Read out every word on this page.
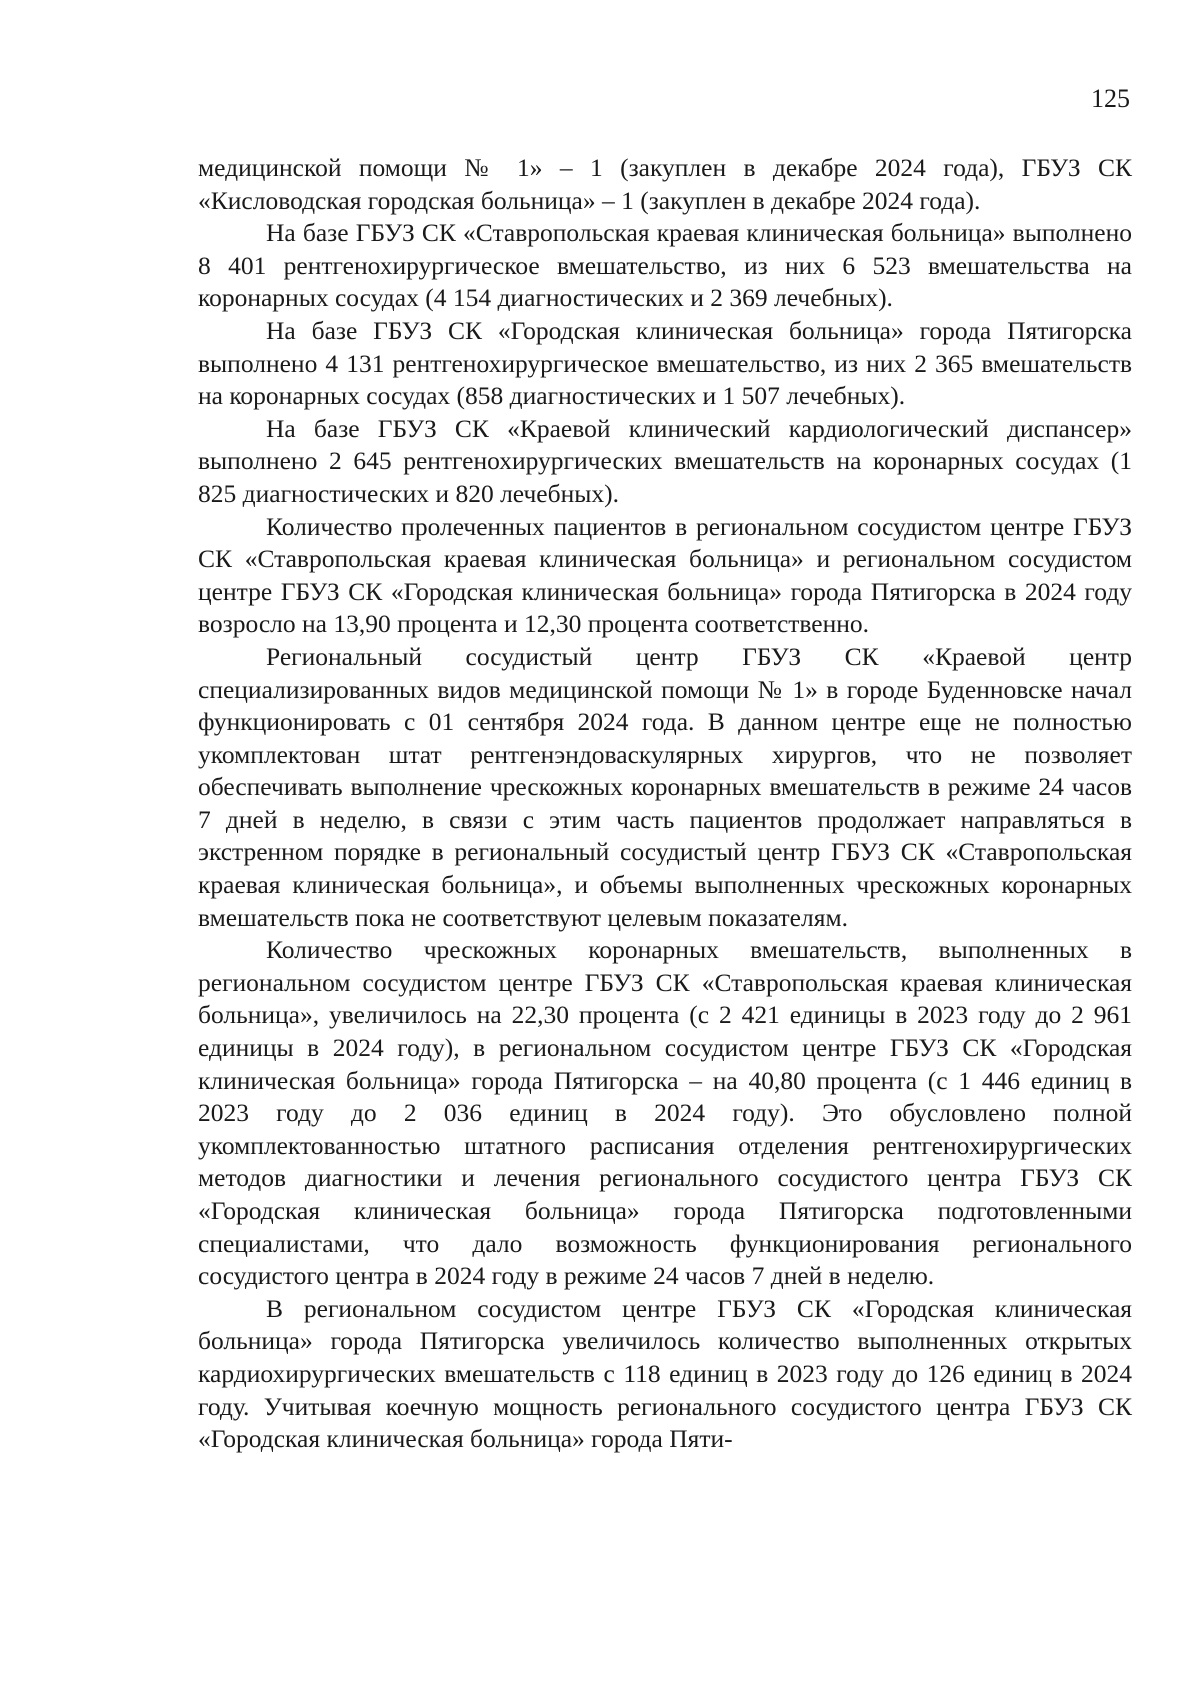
125

медицинской помощи № 1» – 1 (закуплен в декабре 2024 года), ГБУЗ СК «Кисловодская городская больница» – 1 (закуплен в декабре 2024 года).

На базе ГБУЗ СК «Ставропольская краевая клиническая больница» выполнено 8 401 рентгенохирургическое вмешательство, из них 6 523 вмешательства на коронарных сосудах (4 154 диагностических и 2 369 лечебных).

На базе ГБУЗ СК «Городская клиническая больница» города Пятигорска выполнено 4 131 рентгенохирургическое вмешательство, из них 2 365 вмешательств на коронарных сосудах (858 диагностических и 1 507 лечебных).

На базе ГБУЗ СК «Краевой клинический кардиологический диспансер» выполнено 2 645 рентгенохирургических вмешательств на коронарных сосудах (1 825 диагностических и 820 лечебных).

Количество пролеченных пациентов в региональном сосудистом центре ГБУЗ СК «Ставропольская краевая клиническая больница» и региональном сосудистом центре ГБУЗ СК «Городская клиническая больница» города Пятигорска в 2024 году возросло на 13,90 процента и 12,30 процента соответственно.

Региональный сосудистый центр ГБУЗ СК «Краевой центр специализированных видов медицинской помощи № 1» в городе Буденновске начал функционировать с 01 сентября 2024 года. В данном центре еще не полностью укомплектован штат рентгенэндоваскулярных хирургов, что не позволяет обеспечивать выполнение чрескожных коронарных вмешательств в режиме 24 часов 7 дней в неделю, в связи с этим часть пациентов продолжает направляться в экстренном порядке в региональный сосудистый центр ГБУЗ СК «Ставропольская краевая клиническая больница», и объемы выполненных чрескожных коронарных вмешательств пока не соответствуют целевым показателям.

Количество чрескожных коронарных вмешательств, выполненных в региональном сосудистом центре ГБУЗ СК «Ставропольская краевая клиническая больница», увеличилось на 22,30 процента (с 2 421 единицы в 2023 году до 2 961 единицы в 2024 году), в региональном сосудистом центре ГБУЗ СК «Городская клиническая больница» города Пятигорска – на 40,80 процента (с 1 446 единиц в 2023 году до 2 036 единиц в 2024 году). Это обусловлено полной укомплектованностью штатного расписания отделения рентгенохирургических методов диагностики и лечения регионального сосудистого центра ГБУЗ СК «Городская клиническая больница» города Пятигорска подготовленными специалистами, что дало возможность функционирования регионального сосудистого центра в 2024 году в режиме 24 часов 7 дней в неделю.

В региональном сосудистом центре ГБУЗ СК «Городская клиническая больница» города Пятигорска увеличилось количество выполненных открытых кардиохирургических вмешательств с 118 единиц в 2023 году до 126 единиц в 2024 году. Учитывая коечную мощность регионального сосудистого центра ГБУЗ СК «Городская клиническая больница» города Пяти-
